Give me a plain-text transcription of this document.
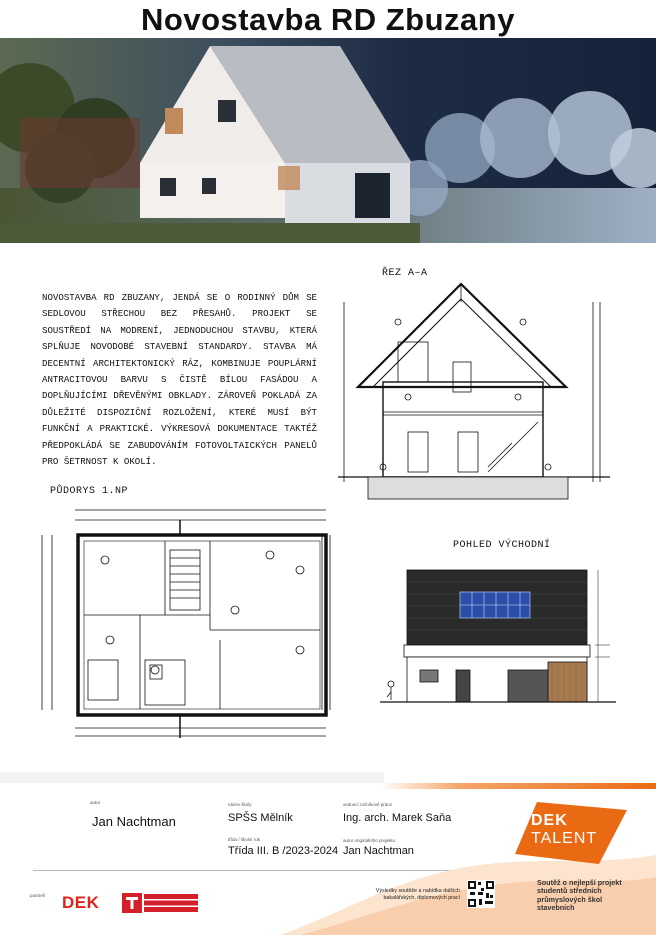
Novostavba RD Zbuzany
NOVOSTAVBA RD ZBUZANY, JENDÁ SE O RODINNÝ DŮM SE SEDLOVOU STŘECHOU BEZ PŘESAHŮ. PROJEKT SE SOUSTŘEDÍ NA MODRENÍ, JEDNODUCHOU STAVBU, KTERÁ SPLŇUJE NOVODOBÉ STAVEBNÍ STANDARDY. STAVBA MÁ DECENTNÍ ARCHITEKTONICKÝ RÁZ, KOMBINUJE POUPLÁRNÍ ANTRACITOVOU BARVU S ČISTĚ BÍLOU FASÁDOU A DOPLŇUJÍCÍMI DŘEVĚNÝMI OBKLADY. ZÁROVEŇ POKLADÁ ZA DŮLEŽITÉ DISPOZIČNÍ ROZLOŽENÍ, KTERÉ MUSÍ BÝT FUNKČNÍ A PRAKTICKÉ. VÝKRESOVÁ DOKUMENTACE TAKTÉŽ PŘEDPOKLÁDÁ SE ZABUDOVÁNÍM FOTOVOLTAICKÝCH PANELŮ PRO ŠETRNOST K OKOLÍ.
ŘEZ A–A
PŮDORYS 1.NP
POHLED VÝCHODNÍ
autor
Jan Nachtman
název školy
SPŠS Mělník
třída / školní rok
Třída III. B /2023-2024
vedoucí ročníkové práce
Ing. arch. Marek Saňa
autor originálního projektu
Jan Nachtman
partneři DEK
Výsledky soutěže a nabídka dalších bakalářských, diplomových prací
DEK
TALENT
Soutěž o nejlepší projekt studentů středních průmyslových škol stavebních
